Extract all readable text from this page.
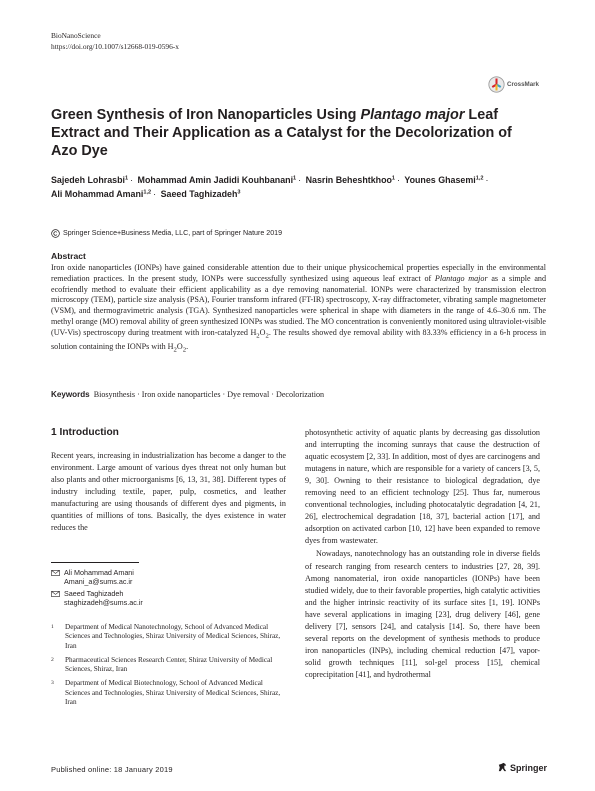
BioNanoScience
https://doi.org/10.1007/s12668-019-0596-x
CrossMark
Green Synthesis of Iron Nanoparticles Using Plantago major Leaf Extract and Their Application as a Catalyst for the Decolorization of Azo Dye
Sajedeh Lohrasbi$^1$ · Mohammad Amin Jadidi Kouhbanani$^1$ · Nasrin Beheshtkhoo$^1$ · Younes Ghasemi$^{1,2}$ ·
Ali Mohammad Amani$^{1,2}$ · Saeed Taghizadeh$^3$
Springer Science+Business Media, LLC, part of Springer Nature 2019
Abstract
Iron oxide nanoparticles (IONPs) have gained considerable attention due to their unique physicochemical properties especially in the environmental remediation practices. In the present study, IONPs were successfully synthesized using aqueous leaf extract of Plantago major as a simple and ecofriendly method to evaluate their efficient applicability as a dye removing nanomaterial. IONPs were characterized by transmission electron microscopy (TEM), particle size analysis (PSA), Fourier transform infrared (FT-IR) spectroscopy, X-ray diffractometer, vibrating sample magnetometer (VSM), and thermogravimetric analysis (TGA). Synthesized nanoparticles were spherical in shape with diameters in the range of 4.6–30.6 nm. The methyl orange (MO) removal ability of green synthesized IONPs was studied. The MO concentration is conveniently monitored using ultraviolet-visible (UV-Vis) spectroscopy during treatment with iron-catalyzed $H_2O_2$. The results showed dye removal ability with 83.33% efficiency in a 6-h process in solution containing the IONPs with $H_2O_2$.
Keywords Biosynthesis · Iron oxide nanoparticles · Dye removal · Decolorization
1 Introduction
Recent years, increasing in industrialization has become a danger to the environment. Large amount of various dyes threat not only human but also plants and other microorganisms [6, 13, 31, 38]. Different types of industry including textile, paper, pulp, cosmetics, and leather manufacturing are using thousands of different dyes and pigments, in quantities of millions of tons. Basically, the dyes existence in water reduces the
photosynthetic activity of aquatic plants by decreasing gas dissolution and interrupting the incoming sunrays that cause the destruction of aquatic ecosystem [2, 33]. In addition, most of dyes are carcinogens and mutagens in nature, which are responsible for a variety of cancers [3, 5, 9, 30]. Owning to their resistance to biological degradation, dye removing need to an efficient technology [25]. Thus far, numerous conventional technologies, including photocatalytic degradation [4, 21, 26], electrochemical degradation [18, 37], bacterial action [17], and adsorption on activated carbon [10, 12] have been expanded to remove dyes from wastewater.
Nowadays, nanotechnology has an outstanding role in diverse fields of research ranging from research centers to industries [27, 28, 39]. Among nanomaterial, iron oxide nanoparticles (IONPs) have been studied widely, due to their favorable properties, high catalytic activities and the higher intrinsic reactivity of its surface sites [1, 19]. IONPs have several applications in imaging [23], drug delivery [46], gene delivery [7], sensors [24], and catalysis [14]. So, there have been several reports on the development of synthesis methods to produce iron nanoparticles (INPs), including chemical reduction [47], vapor-solid growth techniques [11], sol-gel process [15], chemical coprecipitation [41], and hydrothermal
Ali Mohammad Amani
Amani_a@sums.ac.ir
Saeed Taghizadeh
staghizadeh@sums.ac.ir
1	Department of Medical Nanotechnology, School of Advanced Medical Sciences and Technologies, Shiraz University of Medical Sciences, Shiraz, Iran
2	Pharmaceutical Sciences Research Center, Shiraz University of Medical Sciences, Shiraz, Iran
3	Department of Medical Biotechnology, School of Advanced Medical Sciences and Technologies, Shiraz University of Medical Sciences, Shiraz, Iran
Published online: 18 January 2019	Springer
